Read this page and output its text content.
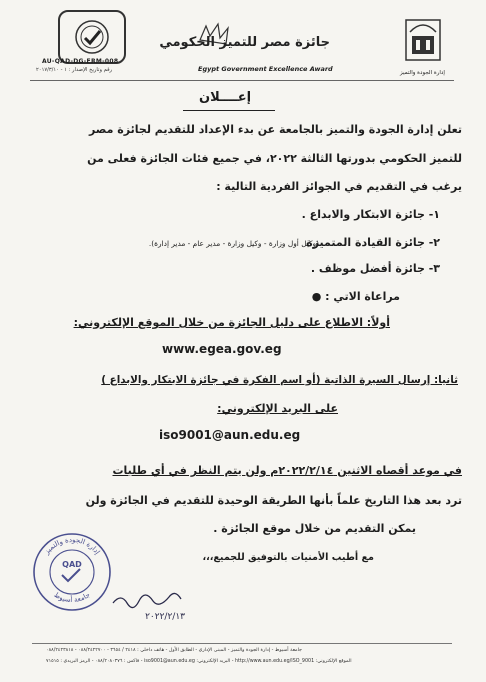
AU-QAD-DG-FRM-008
رقم وتاريخ الإصدار : ١ - ٢٠١٧/٣/١٠
جائزة مصر للتميز الحكومي
Egypt Government Excellence Award	إدارة الجودة والتميز
إعــــلان
تعلن إدارة الجودة والتميز بالجامعة عن بدء الإعداد للتقديم لجائزة مصر
للتميز الحكومي بدورتها الثالثة ٢٠٢٢، في جميع فئات الجائزة فعلى من
يرغب في التقديم في الجوائز الفردية التالية :
١- جائزة الابتكار والابداع .
٢- جائزة القيادة المتميزة
(وكيل أول وزارة - وكيل وزارة - مدير عام - مدير إدارة).
٣- جائزة أفضل موظف .
مراعاة الاتي : ●
أولاً: الاطلاع على دليل الجائزة من خلال الموقع الإلكتروني:
www.egea.gov.eg
ثانيا: إرسال السيرة الذاتية (أو اسم الفكرة في جائزة الابتكار والابداع )
على البريد الإلكتروني:
iso9001@aun.edu.eg
في موعد أقصاه الاثنين ٢٠٢٢/٢/١٤م ولن يتم النظر في أي طلبات
ترد بعد هذا التاريخ علماً بأنها الطريقة الوحيدة للتقديم في الجائزة ولن
يمكن التقديم من خلال موقع الجائزة .
مع أطيب الأمنيات بالتوفيق للجميع،،،
إدارة الجودة والتميز
جامعة أسيوط
QAD
٢٠٢٢/٢/١٣
جامعة أسيوط - إدارة الجودة والتميز - المبنى الإداري - الطابق الأول - هاتف داخلي : ٢٤١٨ / ٣٦٥٤ - ٠٨٨/٢٤٢٢٧٠٠ - ٠٨٨/٢٤٢٣٨١٨
الموقع الإلكتروني: http://www.aun.edu.eg/ISO_9001 - البريد الإلكتروني: iso9001@aun.edu.eg - فاكس : ٠٨٨/٢٠٨٠٣٧٦ - الرمز البريدي : ٧١٥١٥
